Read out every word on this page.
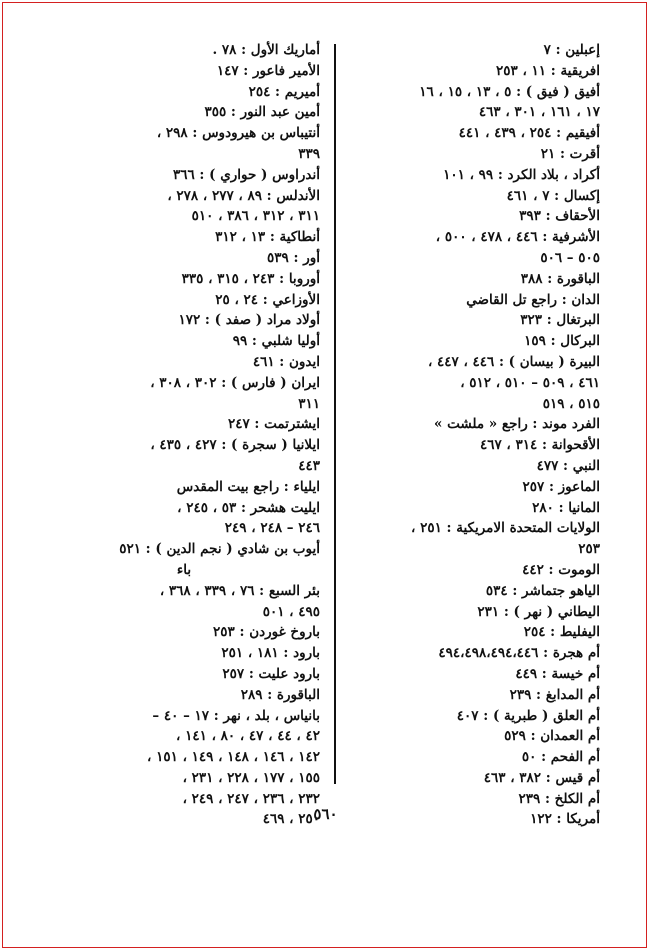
إعبلين : ٧
افريقية : ١١ ، ٢٥٣
أفيق ( فيق ) : ٥ ، ١٣ ، ١٥ ، ١٦
١٧ ، ١٦١ ، ٣٠١ ، ٤٦٣
أفيقيم : ٢٥٤ ، ٤٣٩ ، ٤٤١
أقرت : ٢١
أكراد ، بلاد الكرد : ٩٩ ، ١٠١
إكسال : ٧ ، ٤٦١
الأحقاف : ٣٩٣
الأشرفية : ٤٤٦ ، ٤٧٨ ، ٥٠٠ ،
٥٠٥ – ٥٠٦
الباقورة : ٣٨٨
الدان : راجع تل القاضي
البرتغال : ٣٢٣
البركال : ١٥٩
البيرة ( بيسان ) : ٤٤٦ ، ٤٤٧ ،
٤٦١ ، ٥٠٩ – ٥١٠ ، ٥١٢ ،
٥١٥ ، ٥١٩
الفرد موند : راجع « ملشت »
الأقحوانة : ٣١٤ ، ٤٦٧
النبي : ٤٧٧
الماعوز : ٢٥٧
المانيا : ٢٨٠
الولايات المتحدة الامريكية : ٢٥١ ،
٢٥٣
الوموت : ٤٤٢
الياهو جتماشر : ٥٣٤
اليطاني ( نهر ) : ٢٣١
اليفليط : ٢٥٤
أم هجرة : ٤٩٤،٤٩٨،٤٩٤،٤٤٦
أم خيسة : ٤٤٩
أم المدابغ : ٢٣٩
أم العلق ( طبرية ) : ٤٠٧
أم العمدان : ٥٢٩
أم الفحم : ٥٠
أم قيس : ٣٨٢ ، ٤٦٣
أم الكلخ : ٢٣٩
أمريكا : ١٢٢
أماريك الأول : ٧٨ .
الأمير فاعور : ١٤٧
أميريم : ٢٥٤
أمين عبد النور : ٣٥٥
أنتيباس بن هيرودوس : ٢٩٨ ،
٣٣٩
أندراوس ( حواري ) : ٣٦٦
الأندلس : ٨٩ ، ٢٧٧ ، ٢٧٨ ،
٣١١ ، ٣١٢ ، ٣٨٦ ، ٥١٠
أنطاكية : ١٣ ، ٣١٢
أور : ٥٣٩
أوروبا : ٢٤٣ ، ٣١٥ ، ٣٣٥
الأوزاعي : ٢٤ ، ٢٥
أولاد مراد ( صفد ) : ١٧٢
أوليا شلبي : ٩٩
ايدون : ٤٦١
ايران ( فارس ) : ٣٠٢ ، ٣٠٨ ،
٣١١
ايشترتمت : ٢٤٧
ايلانيا ( سجرة ) : ٤٢٧ ، ٤٣٥ ،
٤٤٣
ايلياء : راجع بيت المقدس
ايليت هشحر : ٥٣ ، ٢٤٥ ،
٢٤٦ – ٢٤٨ ، ٢٤٩
أيوب بن شادي ( نجم الدين ) : ٥٢١
باء
بئر السبع : ٧٦ ، ٣٣٩ ، ٣٦٨ ،
٤٩٥ ، ٥٠١
باروخ غوردن : ٢٥٣
بارود : ١٨١ ، ٢٥١
بارود عليت : ٢٥٧
الباقورة : ٢٨٩
بانياس ، بلد ، نهر : ١٧ – ٤٠ –
٤٢ ، ٤٤ ، ٤٧ ، ٨٠ ، ١٤١ ،
١٤٢ ، ١٤٦ ، ١٤٨ ، ١٤٩ ، ١٥١ ،
١٥٥ ، ١٧٧ ، ٢٢٨ ، ٢٣١ ،
٢٣٢ ، ٢٣٦ ، ٢٤٧ ، ٢٤٩ ،
٢٥٠ ، ٤٦٩
٥٦٠
